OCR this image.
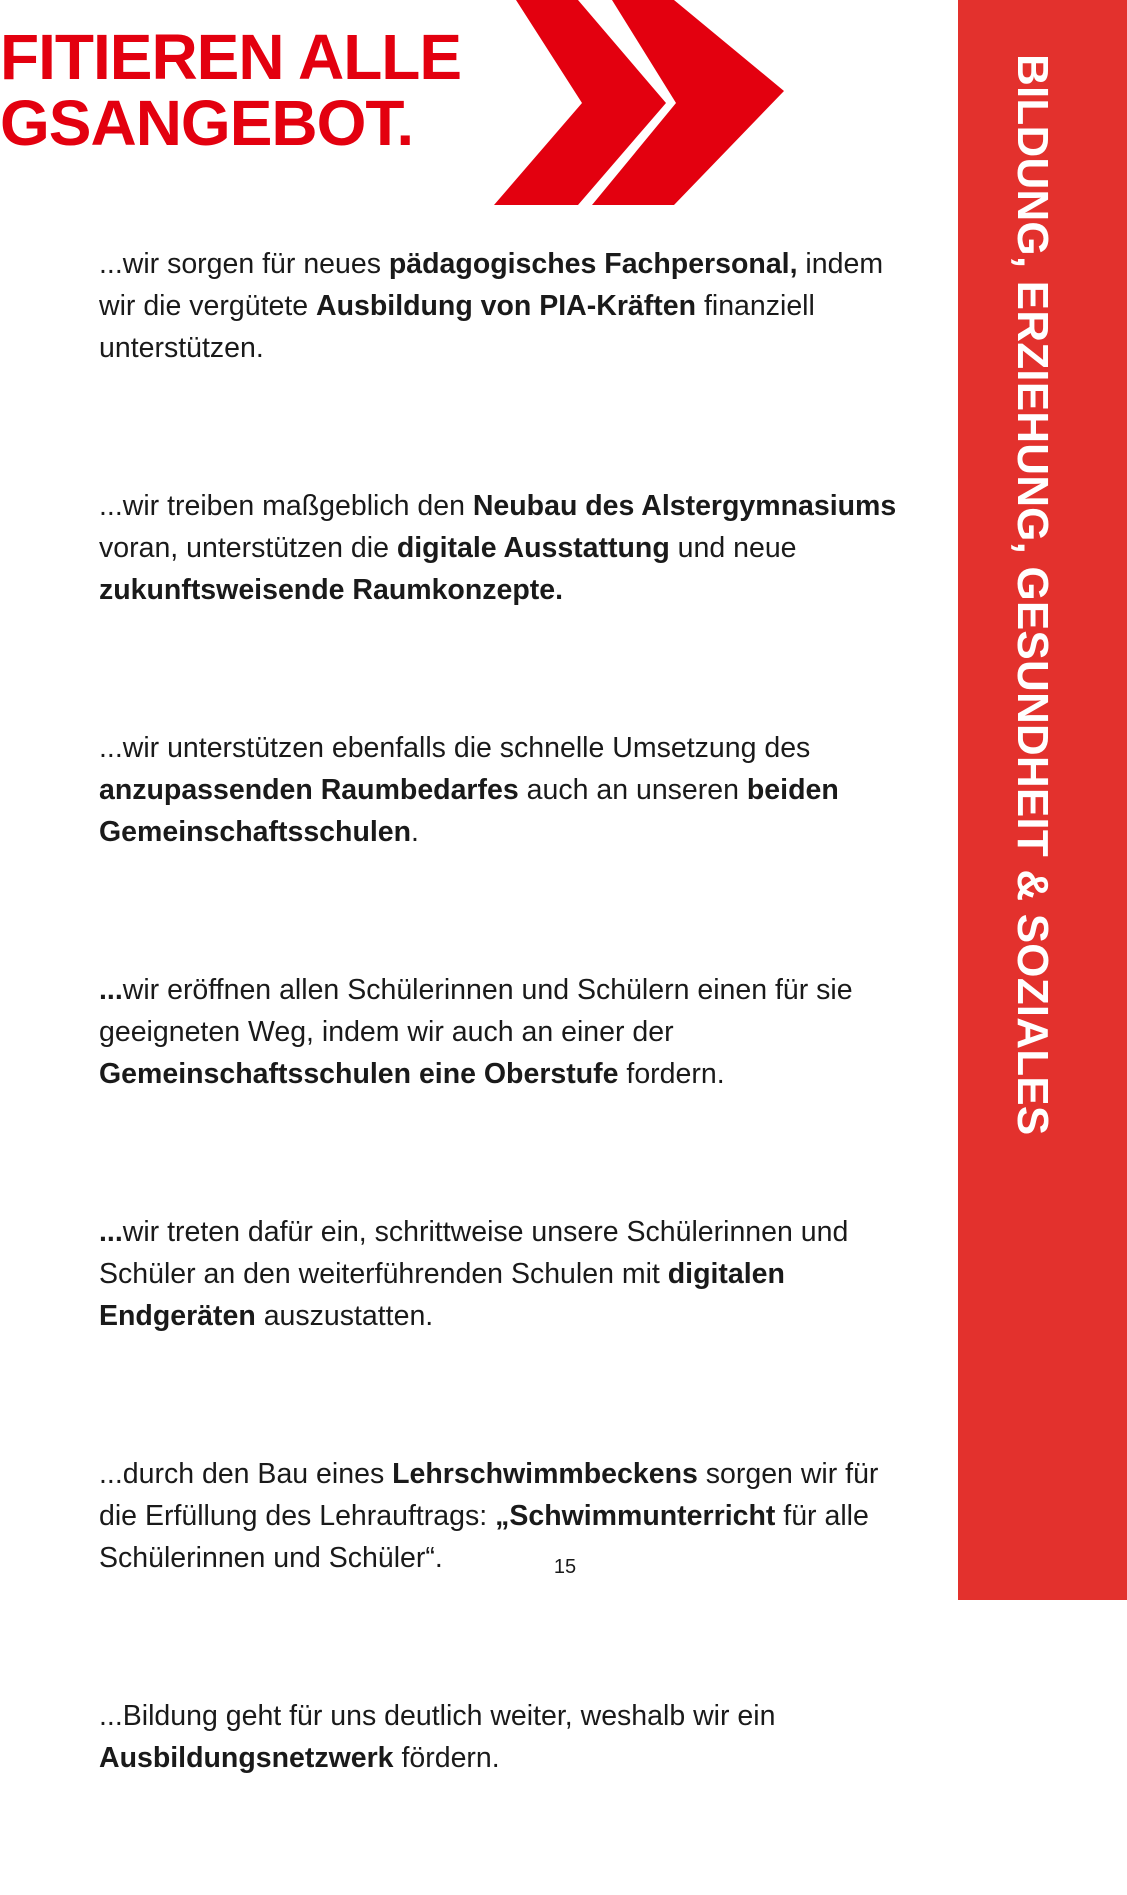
FITIEREN ALLE
GSANGEBOT.	BILDUNG, ERZIEHUNG, GESUNDHEIT & SOZIALES

...wir sorgen für neues pädagogisches Fachpersonal, indem wir die vergütete Ausbildung von PIA-Kräften finanziell unterstützen.

...wir treiben maßgeblich den Neubau des Alstergymnasiums voran, unterstützen die digitale Ausstattung und neue zukunftsweisende Raumkonzepte.

...wir unterstützen ebenfalls die schnelle Umsetzung des anzupassenden Raumbedarfes auch an unseren beiden Gemeinschaftsschulen.

...wir eröffnen allen Schülerinnen und Schülern einen für sie geeigneten Weg, indem wir auch an einer der Gemeinschaftsschulen eine Oberstufe fordern.

...wir treten dafür ein, schrittweise unsere Schülerinnen und Schüler an den weiterführenden Schulen mit digitalen Endgeräten auszustatten.

...durch den Bau eines Lehrschwimmbeckens sorgen wir für die Erfüllung des Lehrauftrags: „Schwimmunterricht für alle Schülerinnen und Schüler“.

...Bildung geht für uns deutlich weiter, weshalb wir ein Ausbildungsnetzwerk fördern.

15
